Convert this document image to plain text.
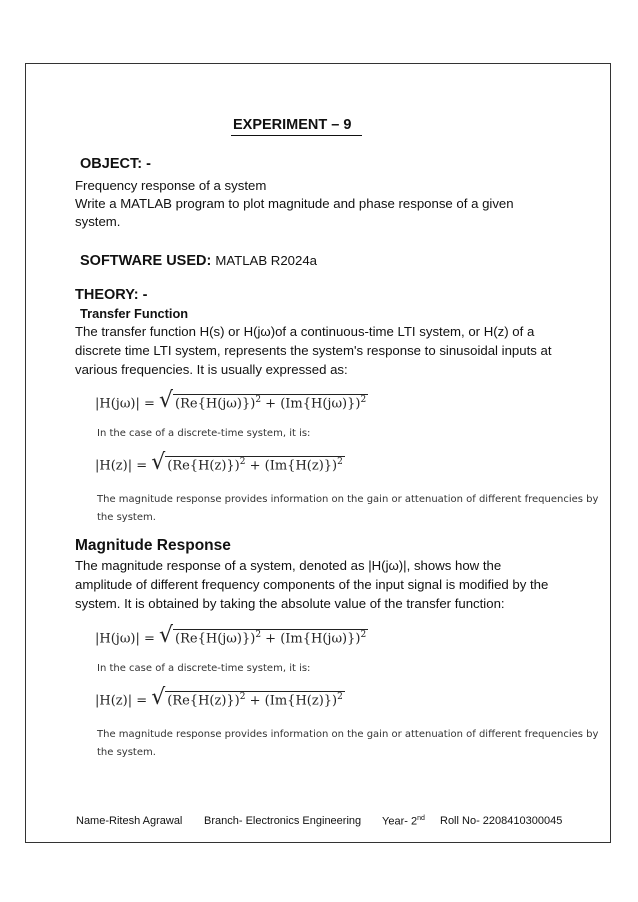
EXPERIMENT – 9
OBJECT: -
Frequency response of a system
Write a MATLAB program to plot magnitude and phase response of a given
system.
SOFTWARE USED: MATLAB R2024a
THEORY: -
Transfer Function
The transfer function H(s) or H(jω)of a continuous-time LTI system, or H(z) of a discrete time LTI system, represents the system's response to sinusoidal inputs at various frequencies. It is usually expressed as:
|H(jω)| = √ $(Re\{H(j\omega)\})^2 + (Im\{H(j\omega)\})^2$
In the case of a discrete-time system, it is:
|H(z)| = √ $(Re\{H(z)\})^2 + (Im\{H(z)\})^2$
The magnitude response provides information on the gain or attenuation of different frequencies by
the system.
Magnitude Response
The magnitude response of a system, denoted as |H(jω)|, shows how the amplitude of different frequency components of the input signal is modified by the system. It is obtained by taking the absolute value of the transfer function:
|H(jω)| = √ $(Re\{H(j\omega)\})^2 + (Im\{H(j\omega)\})^2$
In the case of a discrete-time system, it is:
|H(z)| = √ $(Re\{H(z)\})^2 + (Im\{H(z)\})^2$
The magnitude response provides information on the gain or attenuation of different frequencies by
the system.
Name-Ritesh Agrawal Branch- Electronics Engineering Year- 2nd Roll No- 2208410300045
